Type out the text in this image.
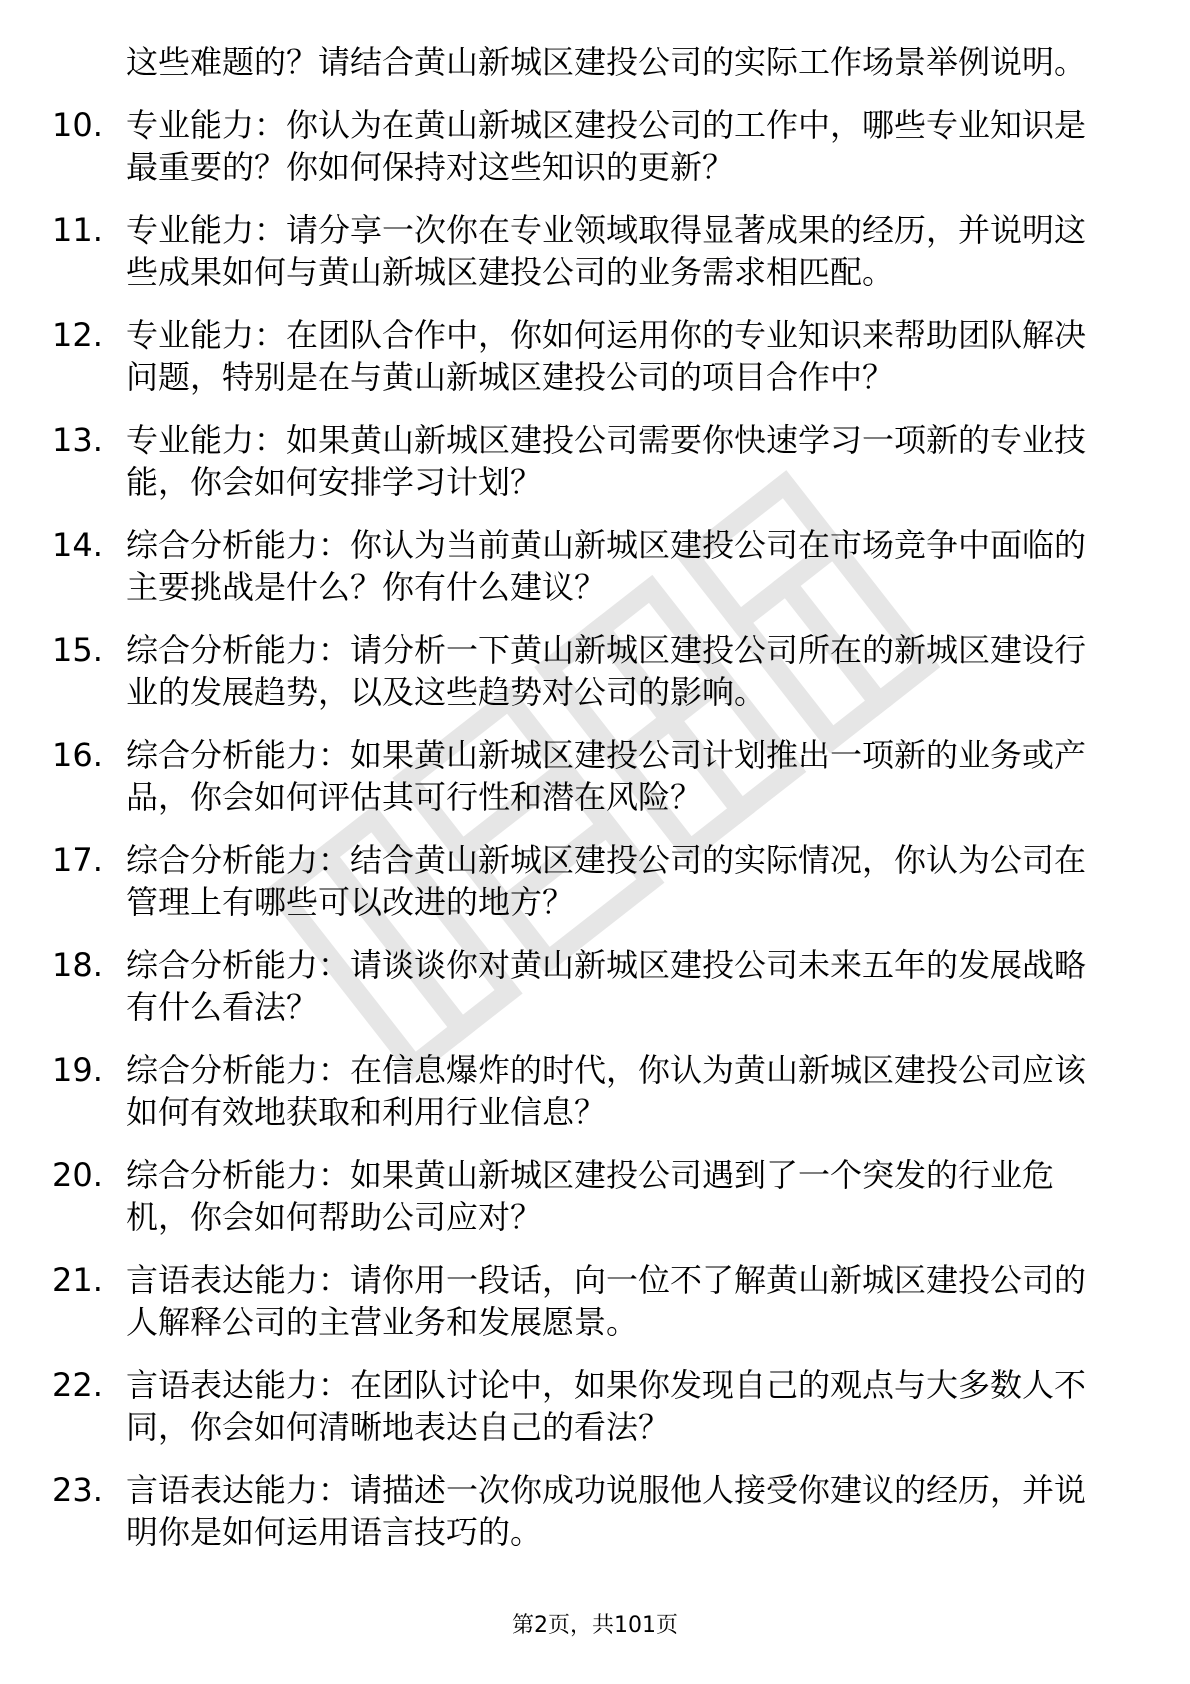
这些难题的？请结合黄山新城区建投公司的实际工作场景举例说明。
10. 专业能力：你认为在黄山新城区建投公司的工作中，哪些专业知识是最重要的？你如何保持对这些知识的更新？
11. 专业能力：请分享一次你在专业领域取得显著成果的经历，并说明这些成果如何与黄山新城区建投公司的业务需求相匹配。
12. 专业能力：在团队合作中，你如何运用你的专业知识来帮助团队解决问题，特别是在与黄山新城区建投公司的项目合作中？
13. 专业能力：如果黄山新城区建投公司需要你快速学习一项新的专业技能，你会如何安排学习计划？
14. 综合分析能力：你认为当前黄山新城区建投公司在市场竞争中面临的主要挑战是什么？你有什么建议？
15. 综合分析能力：请分析一下黄山新城区建投公司所在的新城区建设行业的发展趋势，以及这些趋势对公司的影响。
16. 综合分析能力：如果黄山新城区建投公司计划推出一项新的业务或产品，你会如何评估其可行性和潜在风险？
17. 综合分析能力：结合黄山新城区建投公司的实际情况，你认为公司在管理上有哪些可以改进的地方？
18. 综合分析能力：请谈谈你对黄山新城区建投公司未来五年的发展战略有什么看法？
19. 综合分析能力：在信息爆炸的时代，你认为黄山新城区建投公司应该如何有效地获取和利用行业信息？
20. 综合分析能力：如果黄山新城区建投公司遇到了一个突发的行业危机，你会如何帮助公司应对？
21. 言语表达能力：请你用一段话，向一位不了解黄山新城区建投公司的人解释公司的主营业务和发展愿景。
22. 言语表达能力：在团队讨论中，如果你发现自己的观点与大多数人不同，你会如何清晰地表达自己的看法？
23. 言语表达能力：请描述一次你成功说服他人接受你建议的经历，并说明你是如何运用语言技巧的。
第2页，共101页
